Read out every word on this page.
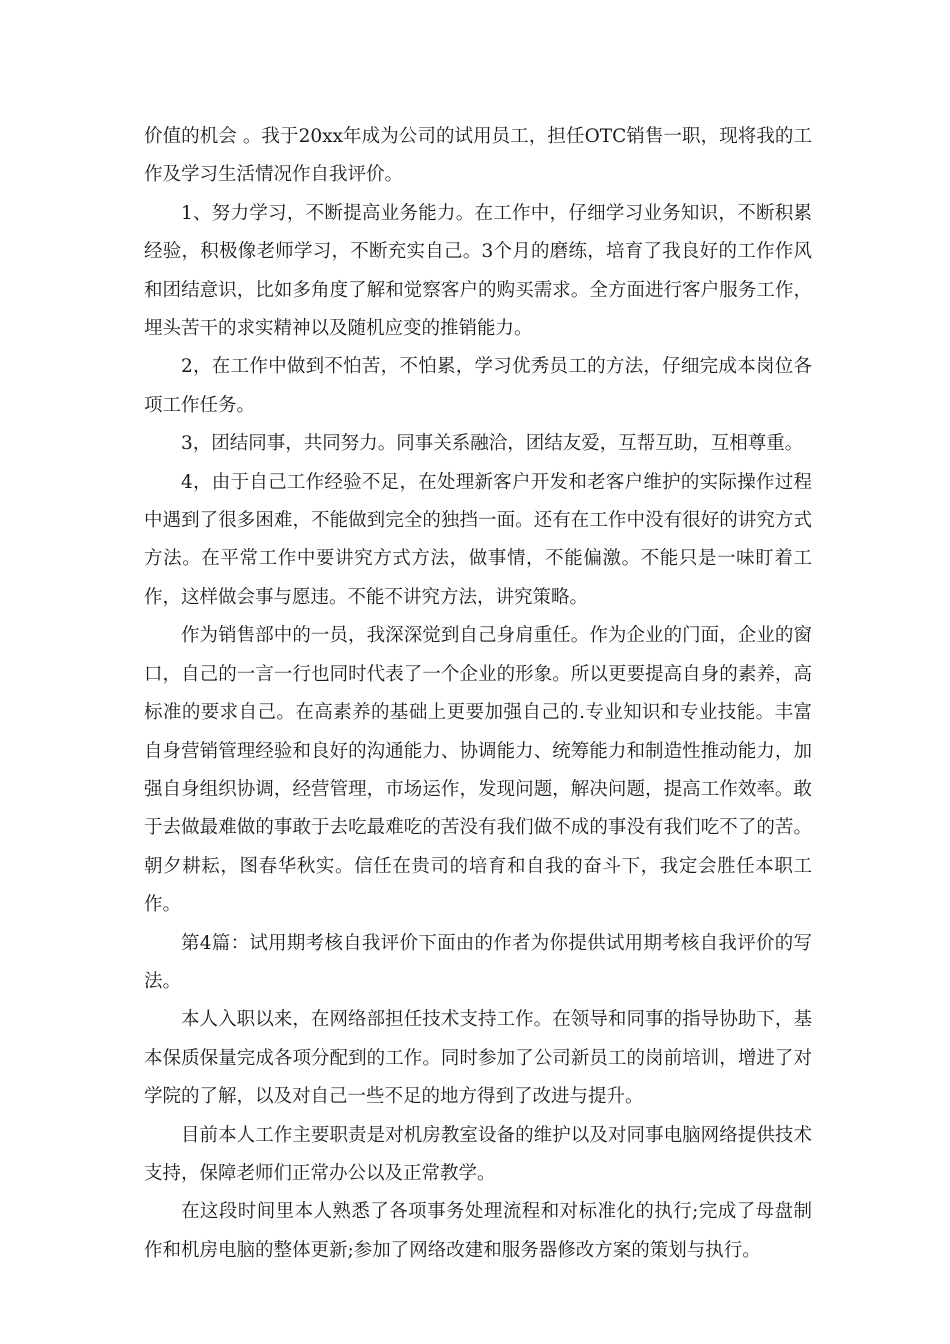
价值的机会 。我于20xx年成为公司的试用员工，担任OTC销售一职，现将我的工作及学习生活情况作自我评价。

1、努力学习，不断提高业务能力。在工作中，仔细学习业务知识，不断积累经验，积极像老师学习，不断充实自己。3个月的磨练，培育了我良好的工作作风和团结意识，比如多角度了解和觉察客户的购买需求。全方面进行客户服务工作，埋头苦干的求实精神以及随机应变的推销能力。

2，在工作中做到不怕苦，不怕累，学习优秀员工的方法，仔细完成本岗位各项工作任务。

3，团结同事，共同努力。同事关系融洽，团结友爱，互帮互助，互相尊重。

4，由于自己工作经验不足，在处理新客户开发和老客户维护的实际操作过程中遇到了很多困难，不能做到完全的独挡一面。还有在工作中没有很好的讲究方式方法。在平常工作中要讲究方式方法，做事情，不能偏激。不能只是一味盯着工作，这样做会事与愿违。不能不讲究方法，讲究策略。

作为销售部中的一员，我深深觉到自己身肩重任。作为企业的门面，企业的窗口，自己的一言一行也同时代表了一个企业的形象。所以更要提高自身的素养，高标准的要求自己。在高素养的基础上更要加强自己的.专业知识和专业技能。丰富自身营销管理经验和良好的沟通能力、协调能力、统筹能力和制造性推动能力，加强自身组织协调，经营管理，市场运作，发现问题，解决问题，提高工作效率。敢于去做最难做的事敢于去吃最难吃的苦没有我们做不成的事没有我们吃不了的苦。朝夕耕耘，图春华秋实。信任在贵司的培育和自我的奋斗下，我定会胜任本职工作。

第4篇：试用期考核自我评价下面由的作者为你提供试用期考核自我评价的写法。

本人入职以来，在网络部担任技术支持工作。在领导和同事的指导协助下，基本保质保量完成各项分配到的工作。同时参加了公司新员工的岗前培训，增进了对学院的了解，以及对自己一些不足的地方得到了改进与提升。

目前本人工作主要职责是对机房教室设备的维护以及对同事电脑网络提供技术支持，保障老师们正常办公以及正常教学。

在这段时间里本人熟悉了各项事务处理流程和对标准化的执行;完成了母盘制作和机房电脑的整体更新;参加了网络改建和服务器修改方案的策划与执行。
